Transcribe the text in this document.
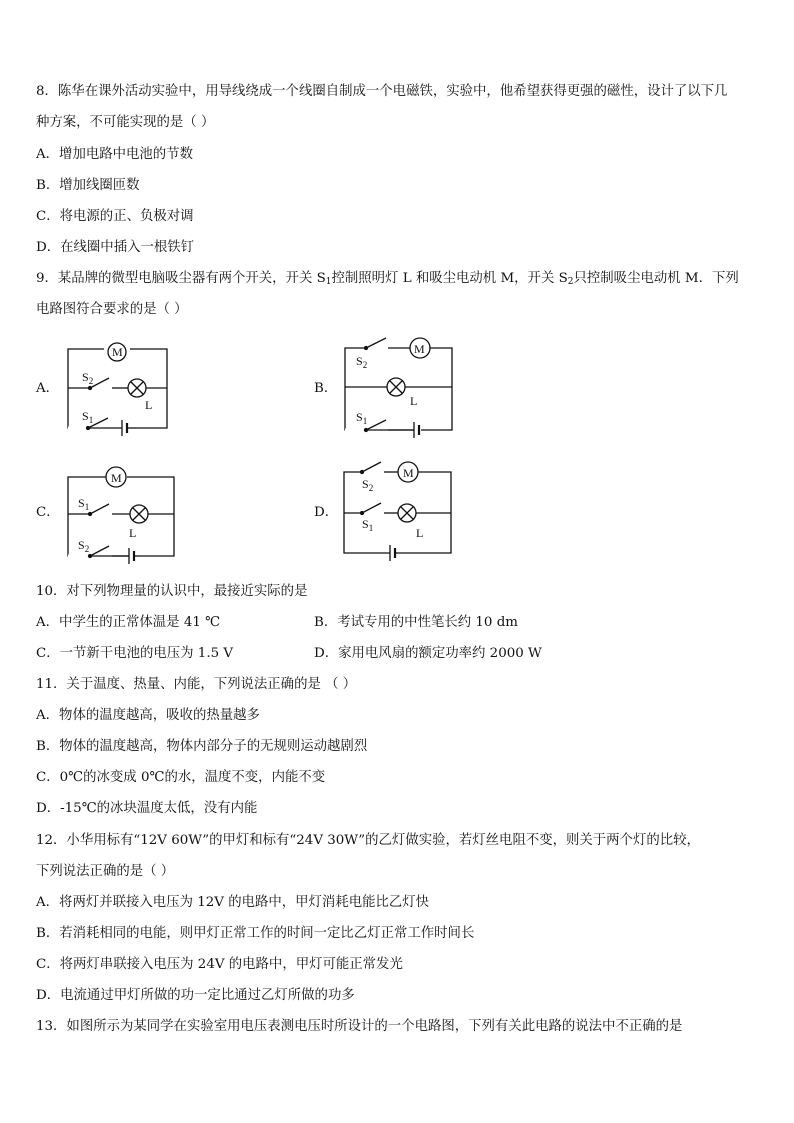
8．陈华在课外活动实验中，用导线绕成一个线圈自制成一个电磁铁，实验中，他希望获得更强的磁性，设计了以下几
种方案，不可能实现的是（ ）
A．增加电路中电池的节数
B．增加线圈匝数
C．将电源的正、负极对调
D．在线圈中插入一根铁钉
9．某品牌的微型电脑吸尘器有两个开关，开关 $S_1$控制照明灯 L 和吸尘电动机 M，开关 $S_2$只控制吸尘电动机 M．下列
电路图符合要求的是（ ）
A．	B．
C．	D．
M
L
$S_2$
$S_1$
M
L
$S_2$
$S_1$
M
L
$S_1$
$S_2$
M
L
$S_2$
$S_1$
10．对下列物理量的认识中，最接近实际的是
A．中学生的正常体温是 41 ℃	B．考试专用的中性笔长约 10 dm
C．一节新干电池的电压为 1.5 V	D．家用电风扇的额定功率约 2000 W
11．关于温度、热量、内能，下列说法正确的是 （ ）
A．物体的温度越高，吸收的热量越多
B．物体的温度越高，物体内部分子的无规则运动越剧烈
C．0℃的冰变成 0℃的水，温度不变，内能不变
D．-15℃的冰块温度太低，没有内能
12．小华用标有“12V 60W”的甲灯和标有“24V 30W”的乙灯做实验，若灯丝电阻不变，则关于两个灯的比较，
下列说法正确的是（ ）
A．将两灯并联接入电压为 12V 的电路中，甲灯消耗电能比乙灯快
B．若消耗相同的电能，则甲灯正常工作的时间一定比乙灯正常工作时间长
C．将两灯串联接入电压为 24V 的电路中，甲灯可能正常发光
D．电流通过甲灯所做的功一定比通过乙灯所做的功多
13．如图所示为某同学在实验室用电压表测电压时所设计的一个电路图，下列有关此电路的说法中不正确的是
